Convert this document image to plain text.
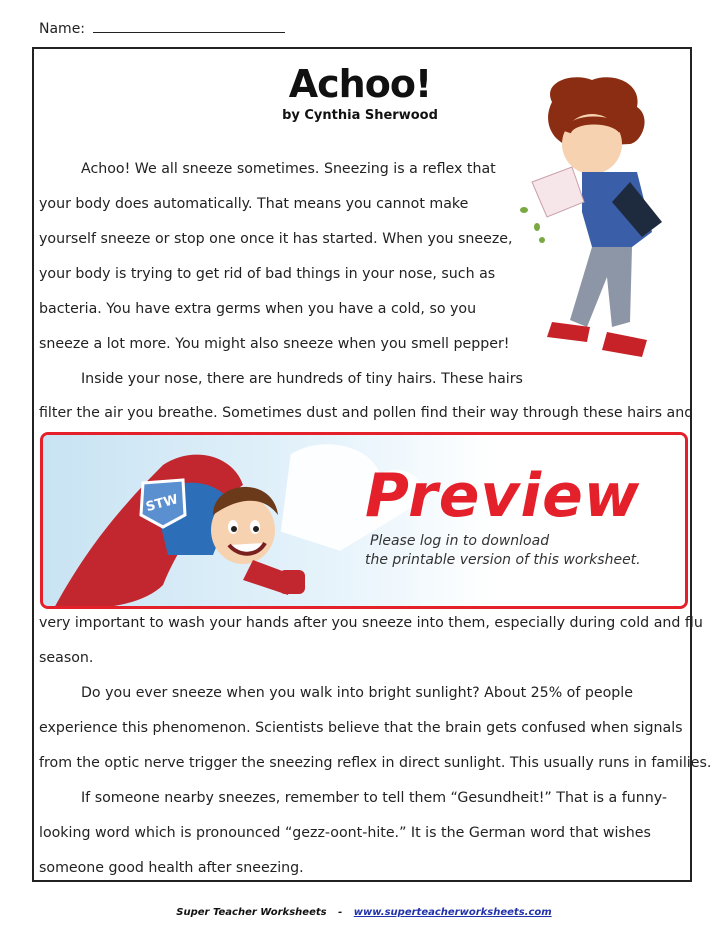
Name:
Achoo!
by Cynthia Sherwood
Achoo! We all sneeze sometimes. Sneezing is a reflex that
your body does automatically. That means you cannot make
yourself sneeze or stop one once it has started. When you sneeze,
your body is trying to get rid of bad things in your nose, such as
bacteria. You have extra germs when you have a cold, so you
sneeze a lot more. You might also sneeze when you smell pepper!
Inside your nose, there are hundreds of tiny hairs. These hairs
filter the air you breathe. Sometimes dust and pollen find their way through these hairs and
STW	Preview
Please log in to download
the printable version of this worksheet.
very important to wash your hands after you sneeze into them, especially during cold and flu
season.
Do you ever sneeze when you walk into bright sunlight? About 25% of people
experience this phenomenon. Scientists believe that the brain gets confused when signals
from the optic nerve trigger the sneezing reflex in direct sunlight. This usually runs in families.
If someone nearby sneezes, remember to tell them “Gesundheit!” That is a funny-
looking word which is pronounced “gezz-oont-hite.” It is the German word that wishes
someone good health after sneezing.
Super Teacher Worksheets - www.superteacherworksheets.com
